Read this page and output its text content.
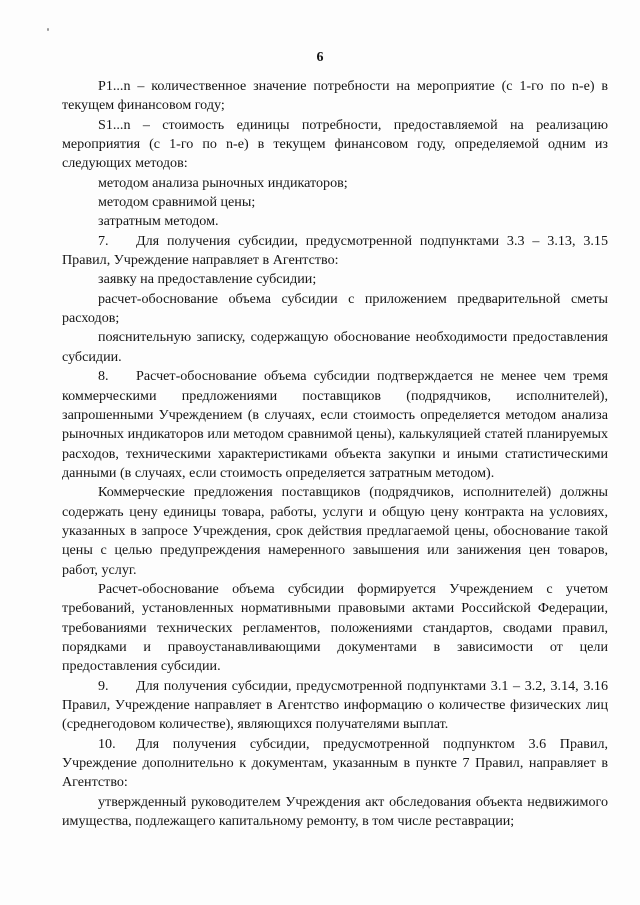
6

P1...n – количественное значение потребности на мероприятие (с 1-го по n-е) в текущем финансовом году;

S1...n – стоимость единицы потребности, предоставляемой на реализацию мероприятия (с 1-го по n-е) в текущем финансовом году, определяемой одним из следующих методов:

методом анализа рыночных индикаторов;

методом сравнимой цены;

затратным методом.

7. Для получения субсидии, предусмотренной подпунктами 3.3 – 3.13, 3.15 Правил, Учреждение направляет в Агентство:

заявку на предоставление субсидии;

расчет-обоснование объема субсидии с приложением предварительной сметы расходов;

пояснительную записку, содержащую обоснование необходимости предоставления субсидии.

8. Расчет-обоснование объема субсидии подтверждается не менее чем тремя коммерческими предложениями поставщиков (подрядчиков, исполнителей), запрошенными Учреждением (в случаях, если стоимость определяется методом анализа рыночных индикаторов или методом сравнимой цены), калькуляцией статей планируемых расходов, техническими характеристиками объекта закупки и иными статистическими данными (в случаях, если стоимость определяется затратным методом).

Коммерческие предложения поставщиков (подрядчиков, исполнителей) должны содержать цену единицы товара, работы, услуги и общую цену контракта на условиях, указанных в запросе Учреждения, срок действия предлагаемой цены, обоснование такой цены с целью предупреждения намеренного завышения или занижения цен товаров, работ, услуг.

Расчет-обоснование объема субсидии формируется Учреждением с учетом требований, установленных нормативными правовыми актами Российской Федерации, требованиями технических регламентов, положениями стандартов, сводами правил, порядками и правоустанавливающими документами в зависимости от цели предоставления субсидии.

9. Для получения субсидии, предусмотренной подпунктами 3.1 – 3.2, 3.14, 3.16 Правил, Учреждение направляет в Агентство информацию о количестве физических лиц (среднегодовом количестве), являющихся получателями выплат.

10. Для получения субсидии, предусмотренной подпунктом 3.6 Правил, Учреждение дополнительно к документам, указанным в пункте 7 Правил, направляет в Агентство:

утвержденный руководителем Учреждения акт обследования объекта недвижимого имущества, подлежащего капитальному ремонту, в том числе реставрации;
